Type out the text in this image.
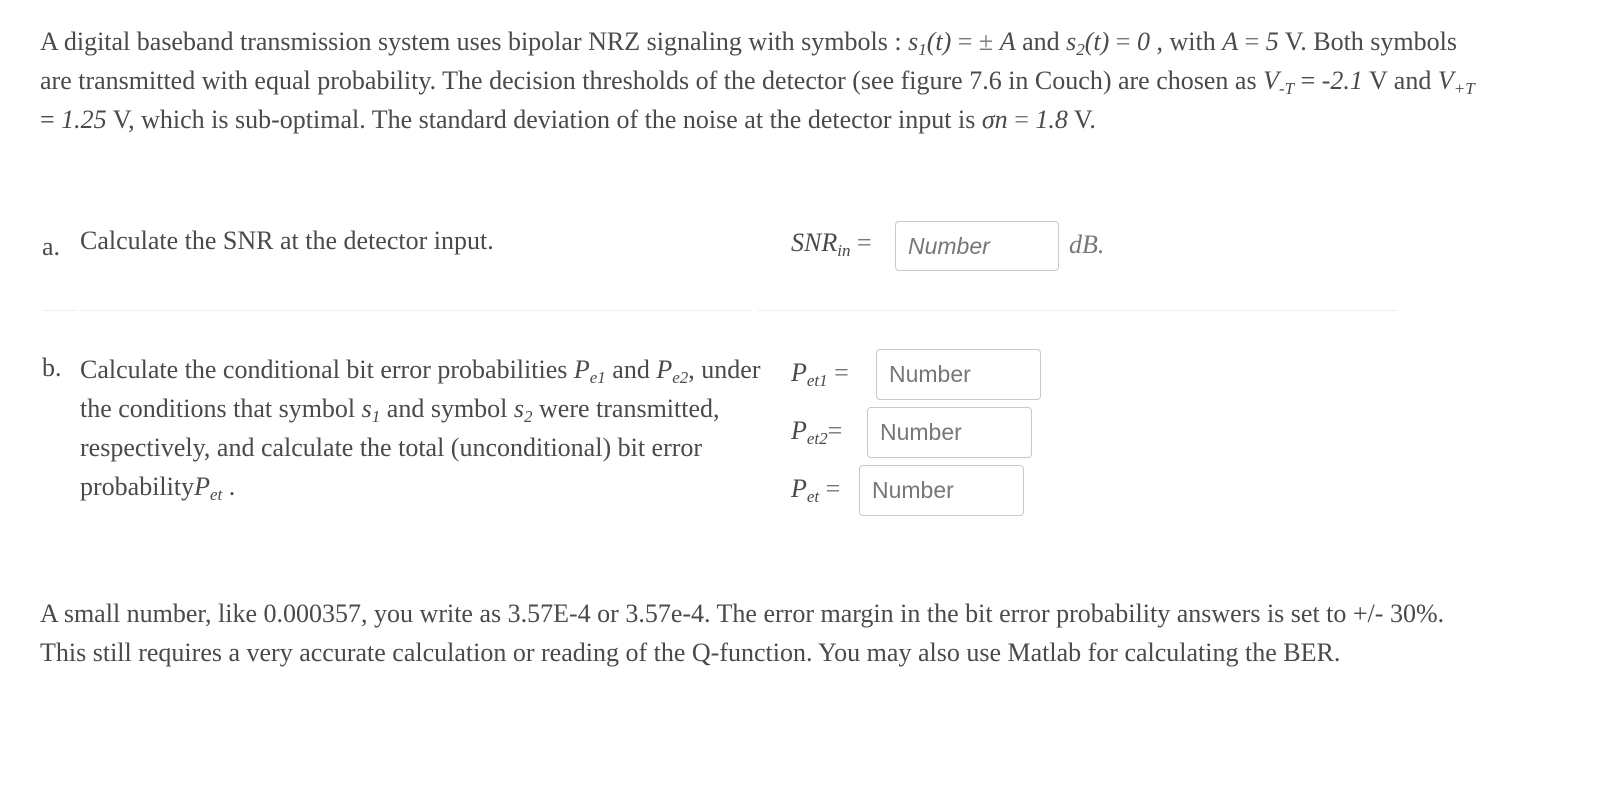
A digital baseband transmission system uses bipolar NRZ signaling with symbols : $s_1(t)$ = ± A and $s_2(t) = 0$ , with A = 5 V. Both symbols are transmitted with equal probability. The decision thresholds of the detector (see figure 7.6 in Couch) are chosen as $V_{-T} = -2.1$ V and $V_{+T} = 1.25$ V, which is sub-optimal. The standard deviation of the noise at the detector input is σn = 1.8 V.
a. Calculate the SNR at the detector input.	$SNR_{in}$ =
Number	dB.
b. Calculate the conditional bit error probabilities $P_{e1}$ and $P_{e2}$, under the conditions that symbol $s_1$ and symbol $s_2$ were transmitted, respectively, and calculate the total (unconditional) bit error probabilityP$_{et}$ .
$P_{et1}$ =
Number
$P_{et2}=$
Number
$P_{et}$ =
Number
A small number, like 0.000357, you write as 3.57E-4 or 3.57e-4. The error margin in the bit error probability answers is set to +/- 30%. This still requires a very accurate calculation or reading of the Q-function. You may also use Matlab for calculating the BER.
